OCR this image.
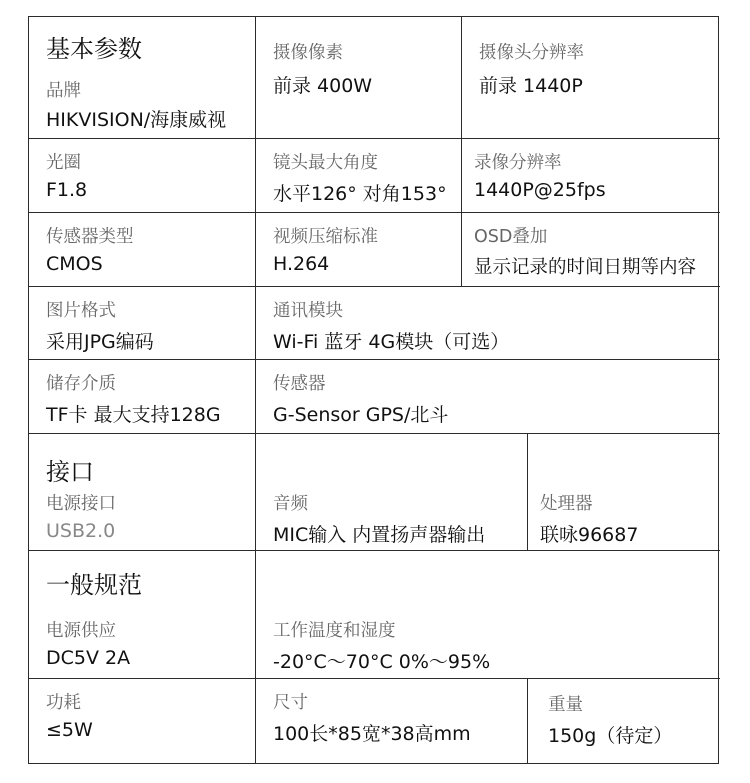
基本参数
品牌
HIKVISION/海康威视
摄像像素
前录 400W
摄像头分辨率
前录 1440P
光圈
F1.8
镜头最大角度
水平126° 对角153°
录像分辨率
1440P@25fps
传感器类型
CMOS
视频压缩标准
H.264
OSD叠加
显示记录的时间日期等内容
图片格式
采用JPG编码
通讯模块
Wi-Fi 蓝牙 4G模块（可选）
储存介质
TF卡 最大支持128G
传感器
G-Sensor GPS/北斗
接口
电源接口
USB2.0
音频
MIC输入 内置扬声器输出
处理器
联咏96687
一般规范
电源供应
DC5V 2A
工作温度和湿度
-20°C～70°C 0%～95%
功耗
≤5W
尺寸
100长*85宽*38高mm
重量
150g（待定）
